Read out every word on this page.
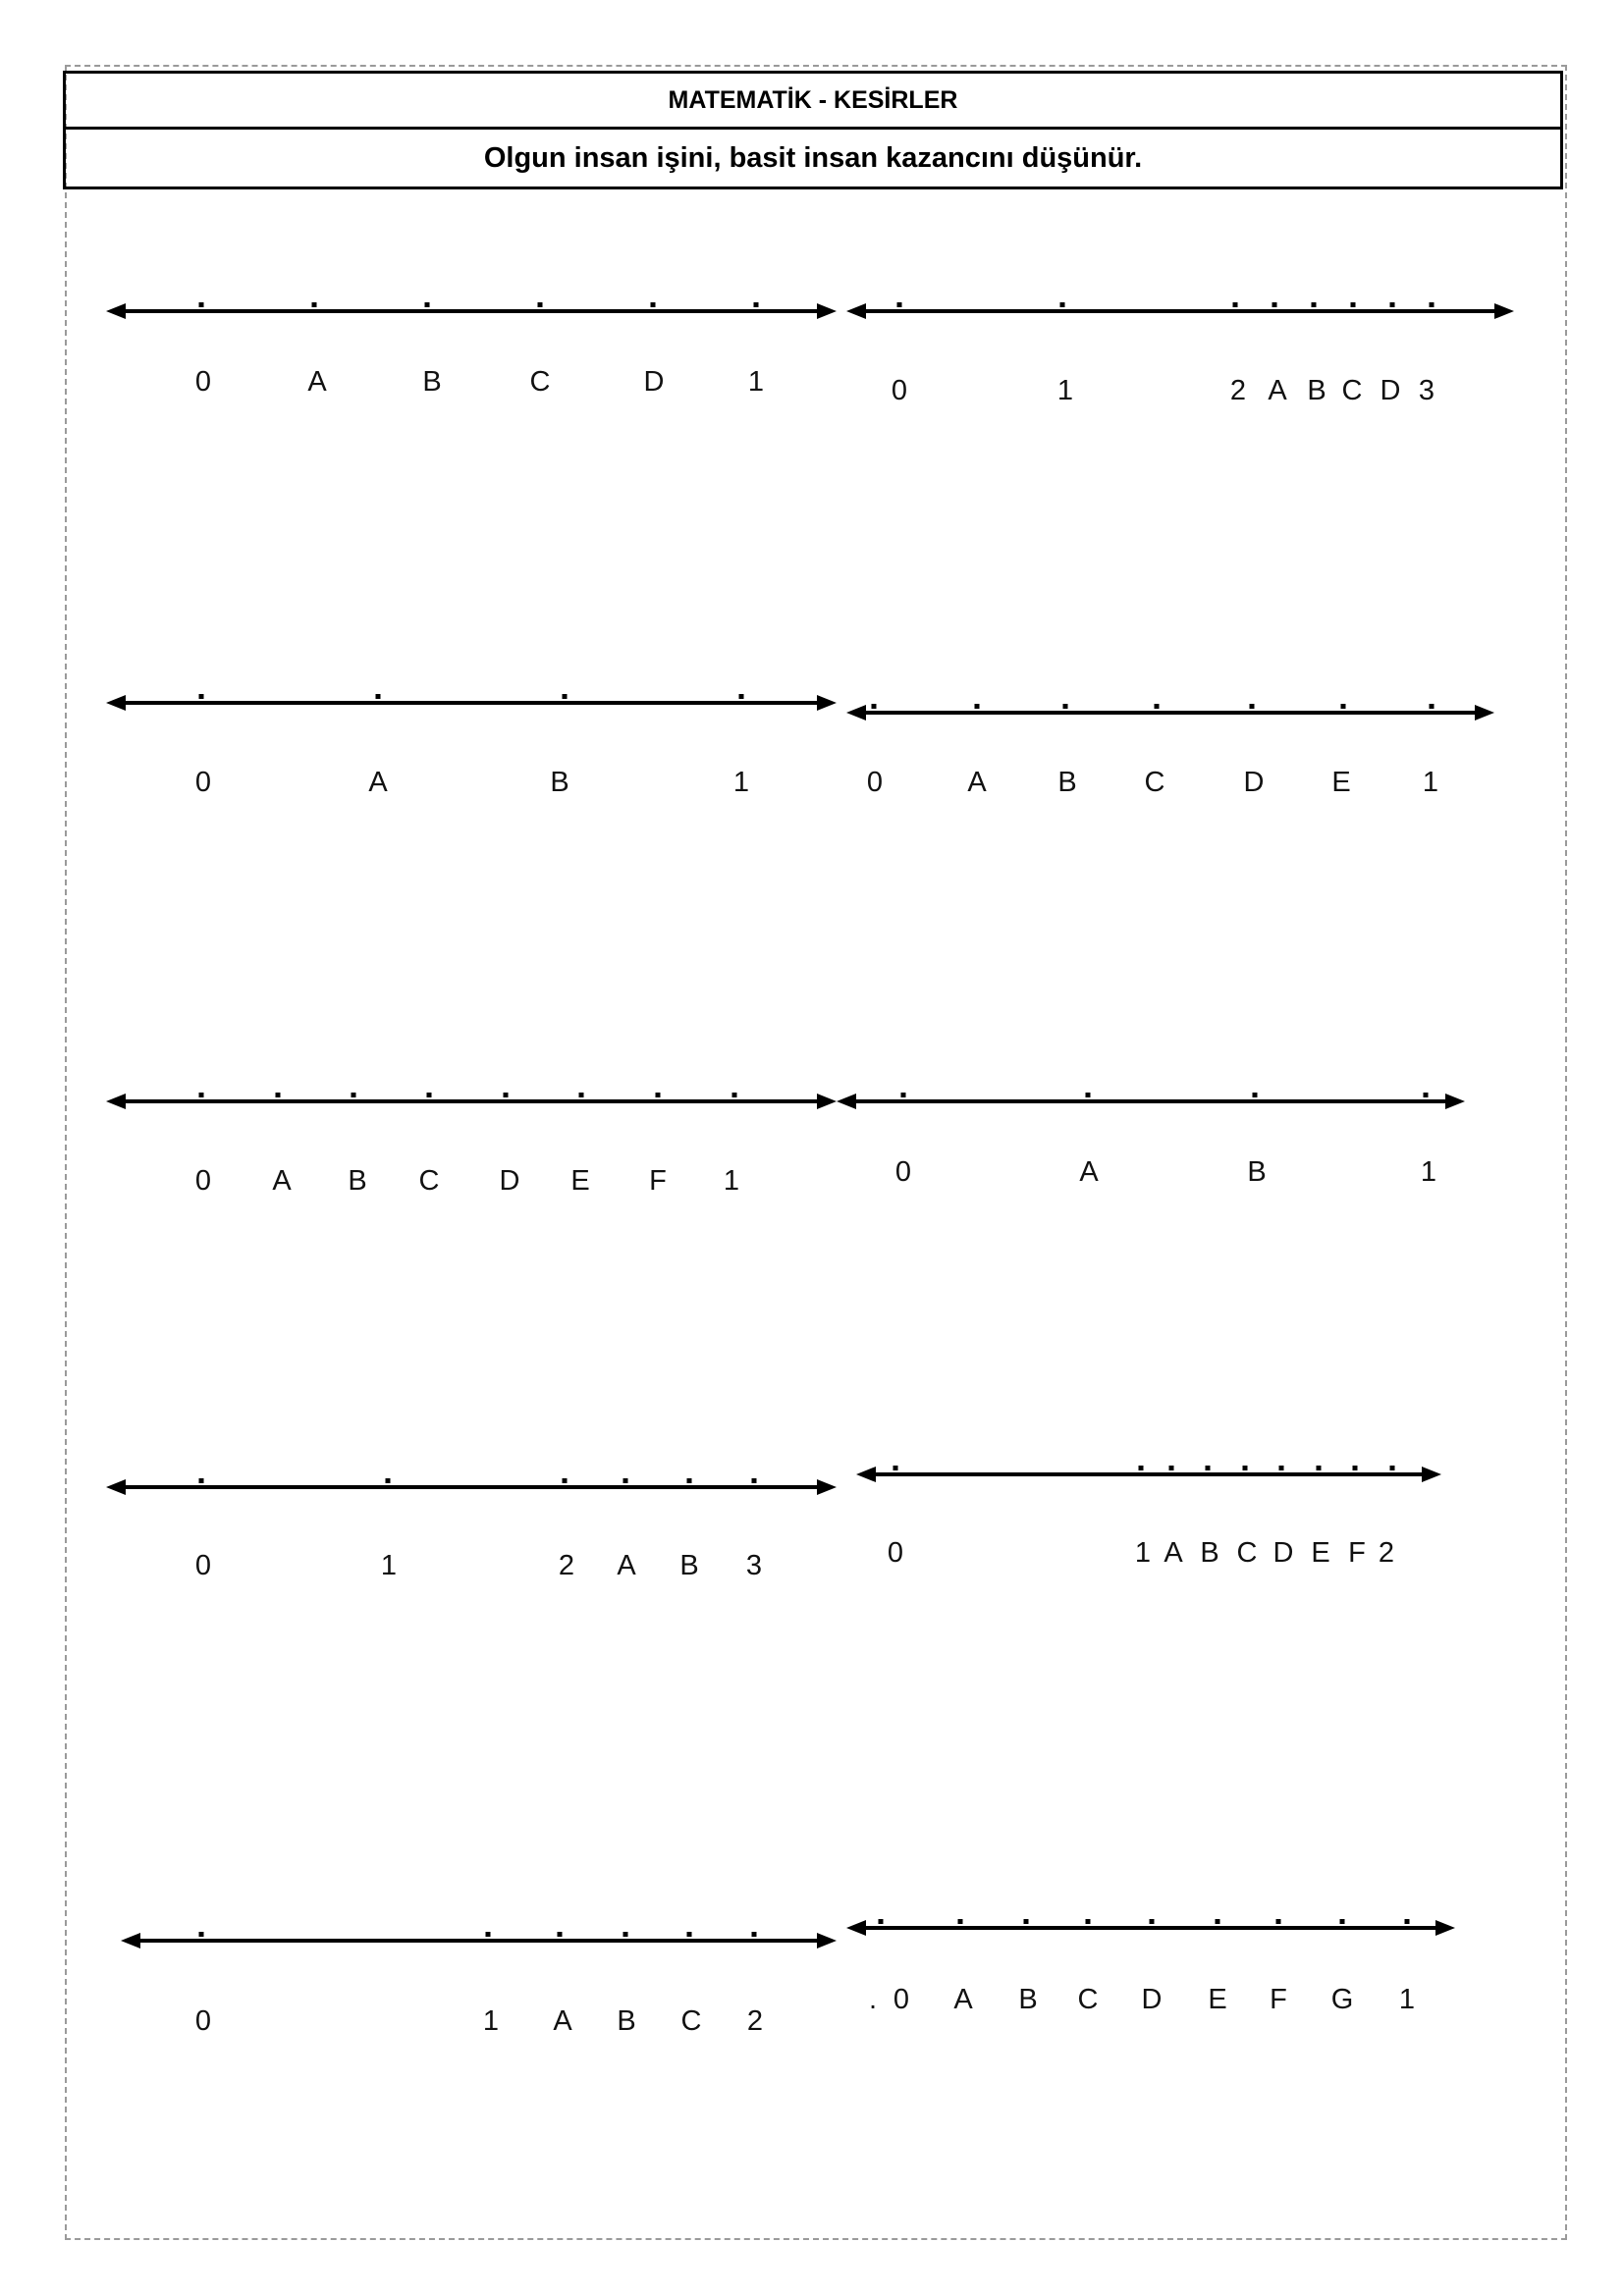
MATEMATİK - KESİRLER
Olgun insan işini, basit insan kazancını düşünür.
0	A	B	C	D	1	0	1	2 A B C D 3
0	A	B	1	0	A	B C	D E	1
0 A B C D E F 1	0	A	B	1
0	1	2 A B 3	0	1 A B C D E F 2
0	1 A B C 2
. 0 A B C D E F G 1
